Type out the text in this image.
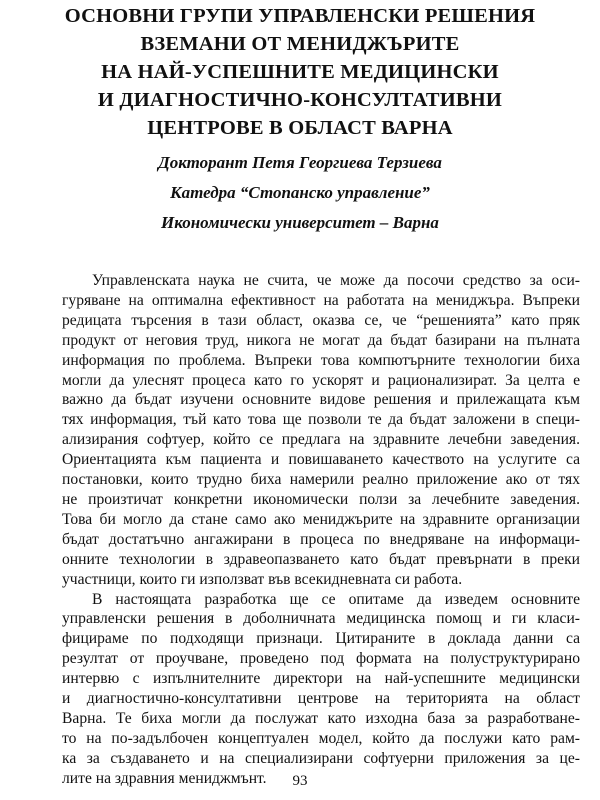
ОСНОВНИ ГРУПИ УПРАВЛЕНСКИ РЕШЕНИЯ
ВЗЕМАНИ ОТ МЕНИДЖЪРИТЕ
НА НАЙ-УСПЕШНИТЕ МЕДИЦИНСКИ
И ДИАГНОСТИЧНО-КОНСУЛТАТИВНИ
ЦЕНТРОВЕ В ОБЛАСТ ВАРНА
Докторант Петя Георгиева Терзиева
Катедра “Стопанско управление”
Икономически университет – Варна

Управленската наука не счита, че може да посочи средство за оси-
гуряване на оптимална ефективност на работата на мениджъра. Въпреки
редицата търсения в тази област, оказва се, че “решенията” като пряк
продукт от неговия труд, никога не могат да бъдат базирани на пълната
информация по проблема. Въпреки това компютърните технологии биха
могли да улеснят процеса като го ускорят и рационализират. За целта е
важно да бъдат изучени основните видове решения и прилежащата към
тях информация, тъй като това ще позволи те да бъдат заложени в специ-
ализирания софтуер, който се предлага на здравните лечебни заведения.
Ориентацията към пациента и повишаването качеството на услугите са
постановки, които трудно биха намерили реално приложение ако от тях
не произтичат конкретни икономически ползи за лечебните заведения.
Това би могло да стане само ако мениджърите на здравните организации
бъдат достатъчно ангажирани в процеса по внедряване на информаци-
онните технологии в здравеопазването като бъдат превърнати в преки
участници, които ги използват във всекидневната си работа.

В настоящата разработка ще се опитаме да изведем основните
управленски решения в доболничната медицинска помощ и ги класи-
фицираме по подходящи признаци. Цитираните в доклада данни са
резултат от проучване, проведено под формата на полуструктурирано
интервю с изпълнителните директори на най-успешните медицински
и диагностично-консултативни центрове на територията на област
Варна. Те биха могли да послужат като изходна база за разработване-
то на по-задълбочен концептуален модел, който да послужи като рам-
ка за създаването и на специализирани софтуерни приложения за це-
лите на здравния мениджмънт.	93
